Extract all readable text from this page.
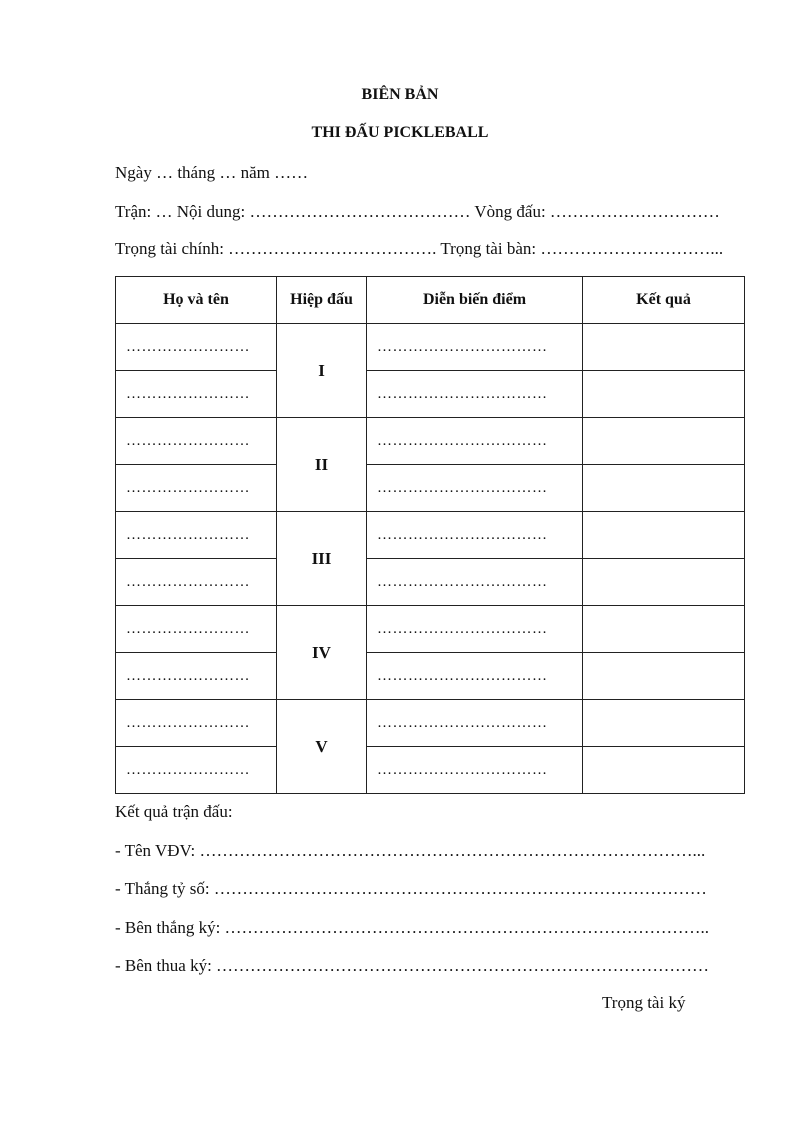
BIÊN BẢN
THI ĐẤU PICKLEBALL
Ngày … tháng … năm ……
Trận: … Nội dung: ………………………………… Vòng đấu: …………………………
Trọng tài chính: ………………………………. Trọng tài bàn: …………………………...
Họ và tên	Hiệp đấu	Diễn biến điểm	Kết quả
……………………	I	……………………………	
……………………		……………………………	
……………………	II	……………………………	
……………………		……………………………	
……………………	III	……………………………	
……………………		……………………………	
……………………	IV	……………………………	
……………………		……………………………	
……………………	V	……………………………	
……………………		……………………………	
Kết quả trận đấu:
- Tên VĐV: ……………………………………………………………………………...
- Thắng tỷ số: ……………………………………………………………………………
- Bên thắng ký: …………………………………………………………………………..
- Bên thua ký: ……………………………………………………………………………
Trọng tài ký
